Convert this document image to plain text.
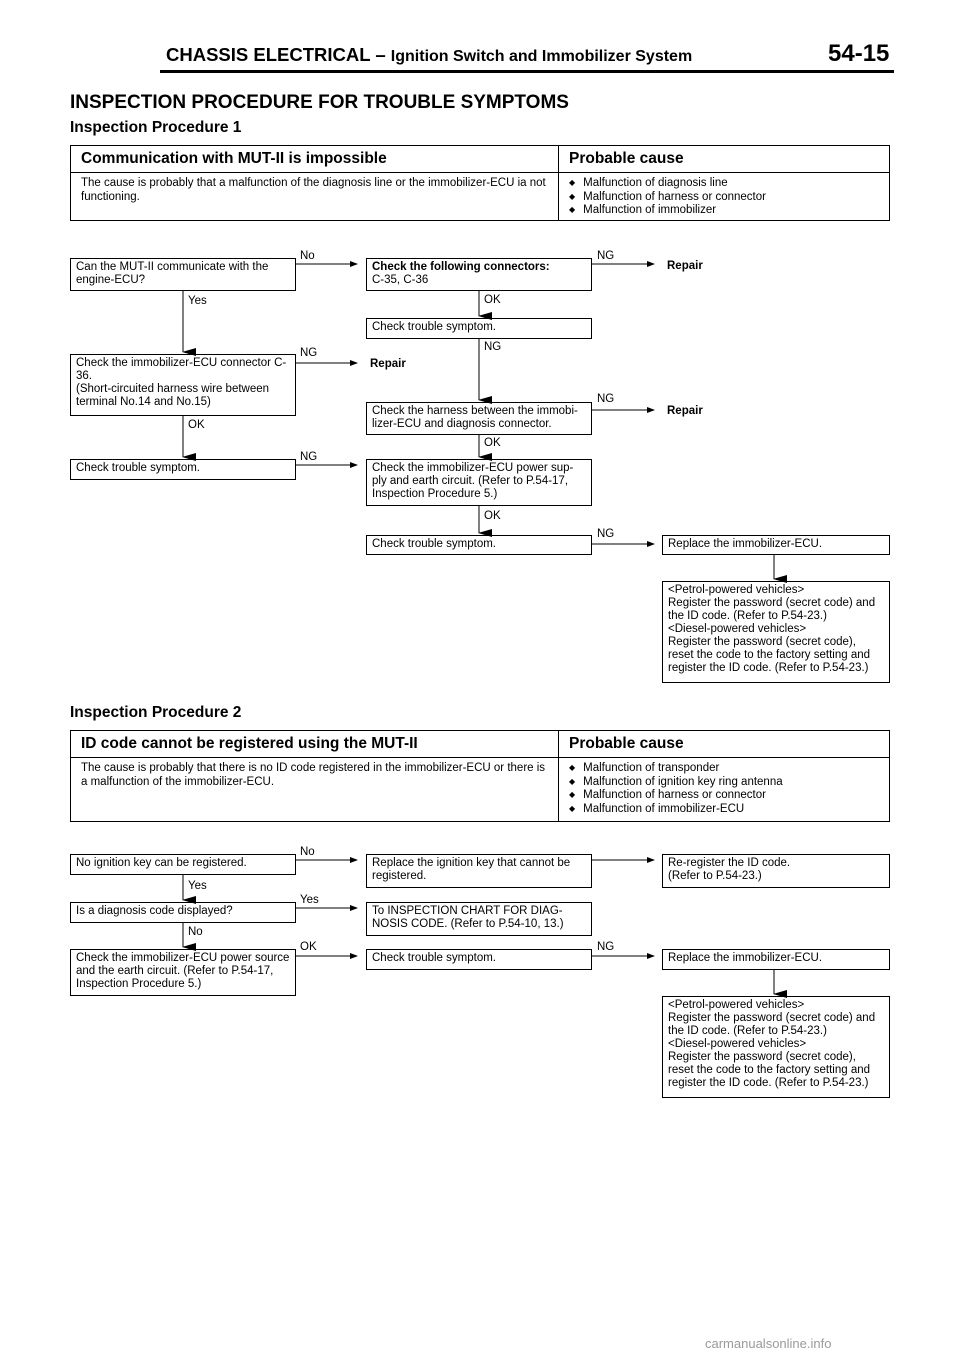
CHASSIS ELECTRICAL – Ignition Switch and Immobilizer System	54-15
INSPECTION PROCEDURE FOR TROUBLE SYMPTOMS
Inspection Procedure 1
Communication with MUT-II is impossible	Probable cause
The cause is probably that a malfunction of the diagnosis line or the immobilizer-ECU ia not functioning.
◆ Malfunction of diagnosis line
◆ Malfunction of harness or connector
◆ Malfunction of immobilizer
Can the MUT-II communicate with the engine-ECU?
Check the following connectors:
C-35, C-36
Repair
Check trouble symptom.
Check the immobilizer-ECU connector C-36.
(Short-circuited harness wire between terminal No.14 and No.15)
Repair
Check the harness between the immobi-lizer-ECU and diagnosis connector.
Repair
Check trouble symptom.	Check the immobilizer-ECU power sup-ply and earth circuit. (Refer to P.54-17, Inspection Procedure 5.)
Check trouble symptom.	Replace the immobilizer-ECU.
<Petrol-powered vehicles>
Register the password (secret code) and the ID code. (Refer to P.54-23.)
<Diesel-powered vehicles>
Register the password (secret code), reset the code to the factory setting and register the ID code. (Refer to P.54-23.)
No	NG
Yes	OK
NG
NG
NG
OK
OK
NG
OK
NG
Inspection Procedure 2
ID code cannot be registered using the MUT-II	Probable cause
The cause is probably that there is no ID code registered in the immobilizer-ECU or there is a malfunction of the immobilizer-ECU.
◆ Malfunction of transponder
◆ Malfunction of ignition key ring antenna
◆ Malfunction of harness or connector
◆ Malfunction of immobilizer-ECU
No ignition key can be registered.	Replace the ignition key that cannot be registered.
Re-register the ID code.
(Refer to P.54-23.)
Is a diagnosis code displayed?	To INSPECTION CHART FOR DIAG-NOSIS CODE. (Refer to P.54-10, 13.)
Check the immobilizer-ECU power source and the earth circuit. (Refer to P.54-17, Inspection Procedure 5.)
Check trouble symptom.	Replace the immobilizer-ECU.
<Petrol-powered vehicles>
Register the password (secret code) and the ID code. (Refer to P.54-23.)
<Diesel-powered vehicles>
Register the password (secret code), reset the code to the factory setting and register the ID code. (Refer to P.54-23.)
No
Yes
Yes
No
OK	NG
carmanualsonline.info
